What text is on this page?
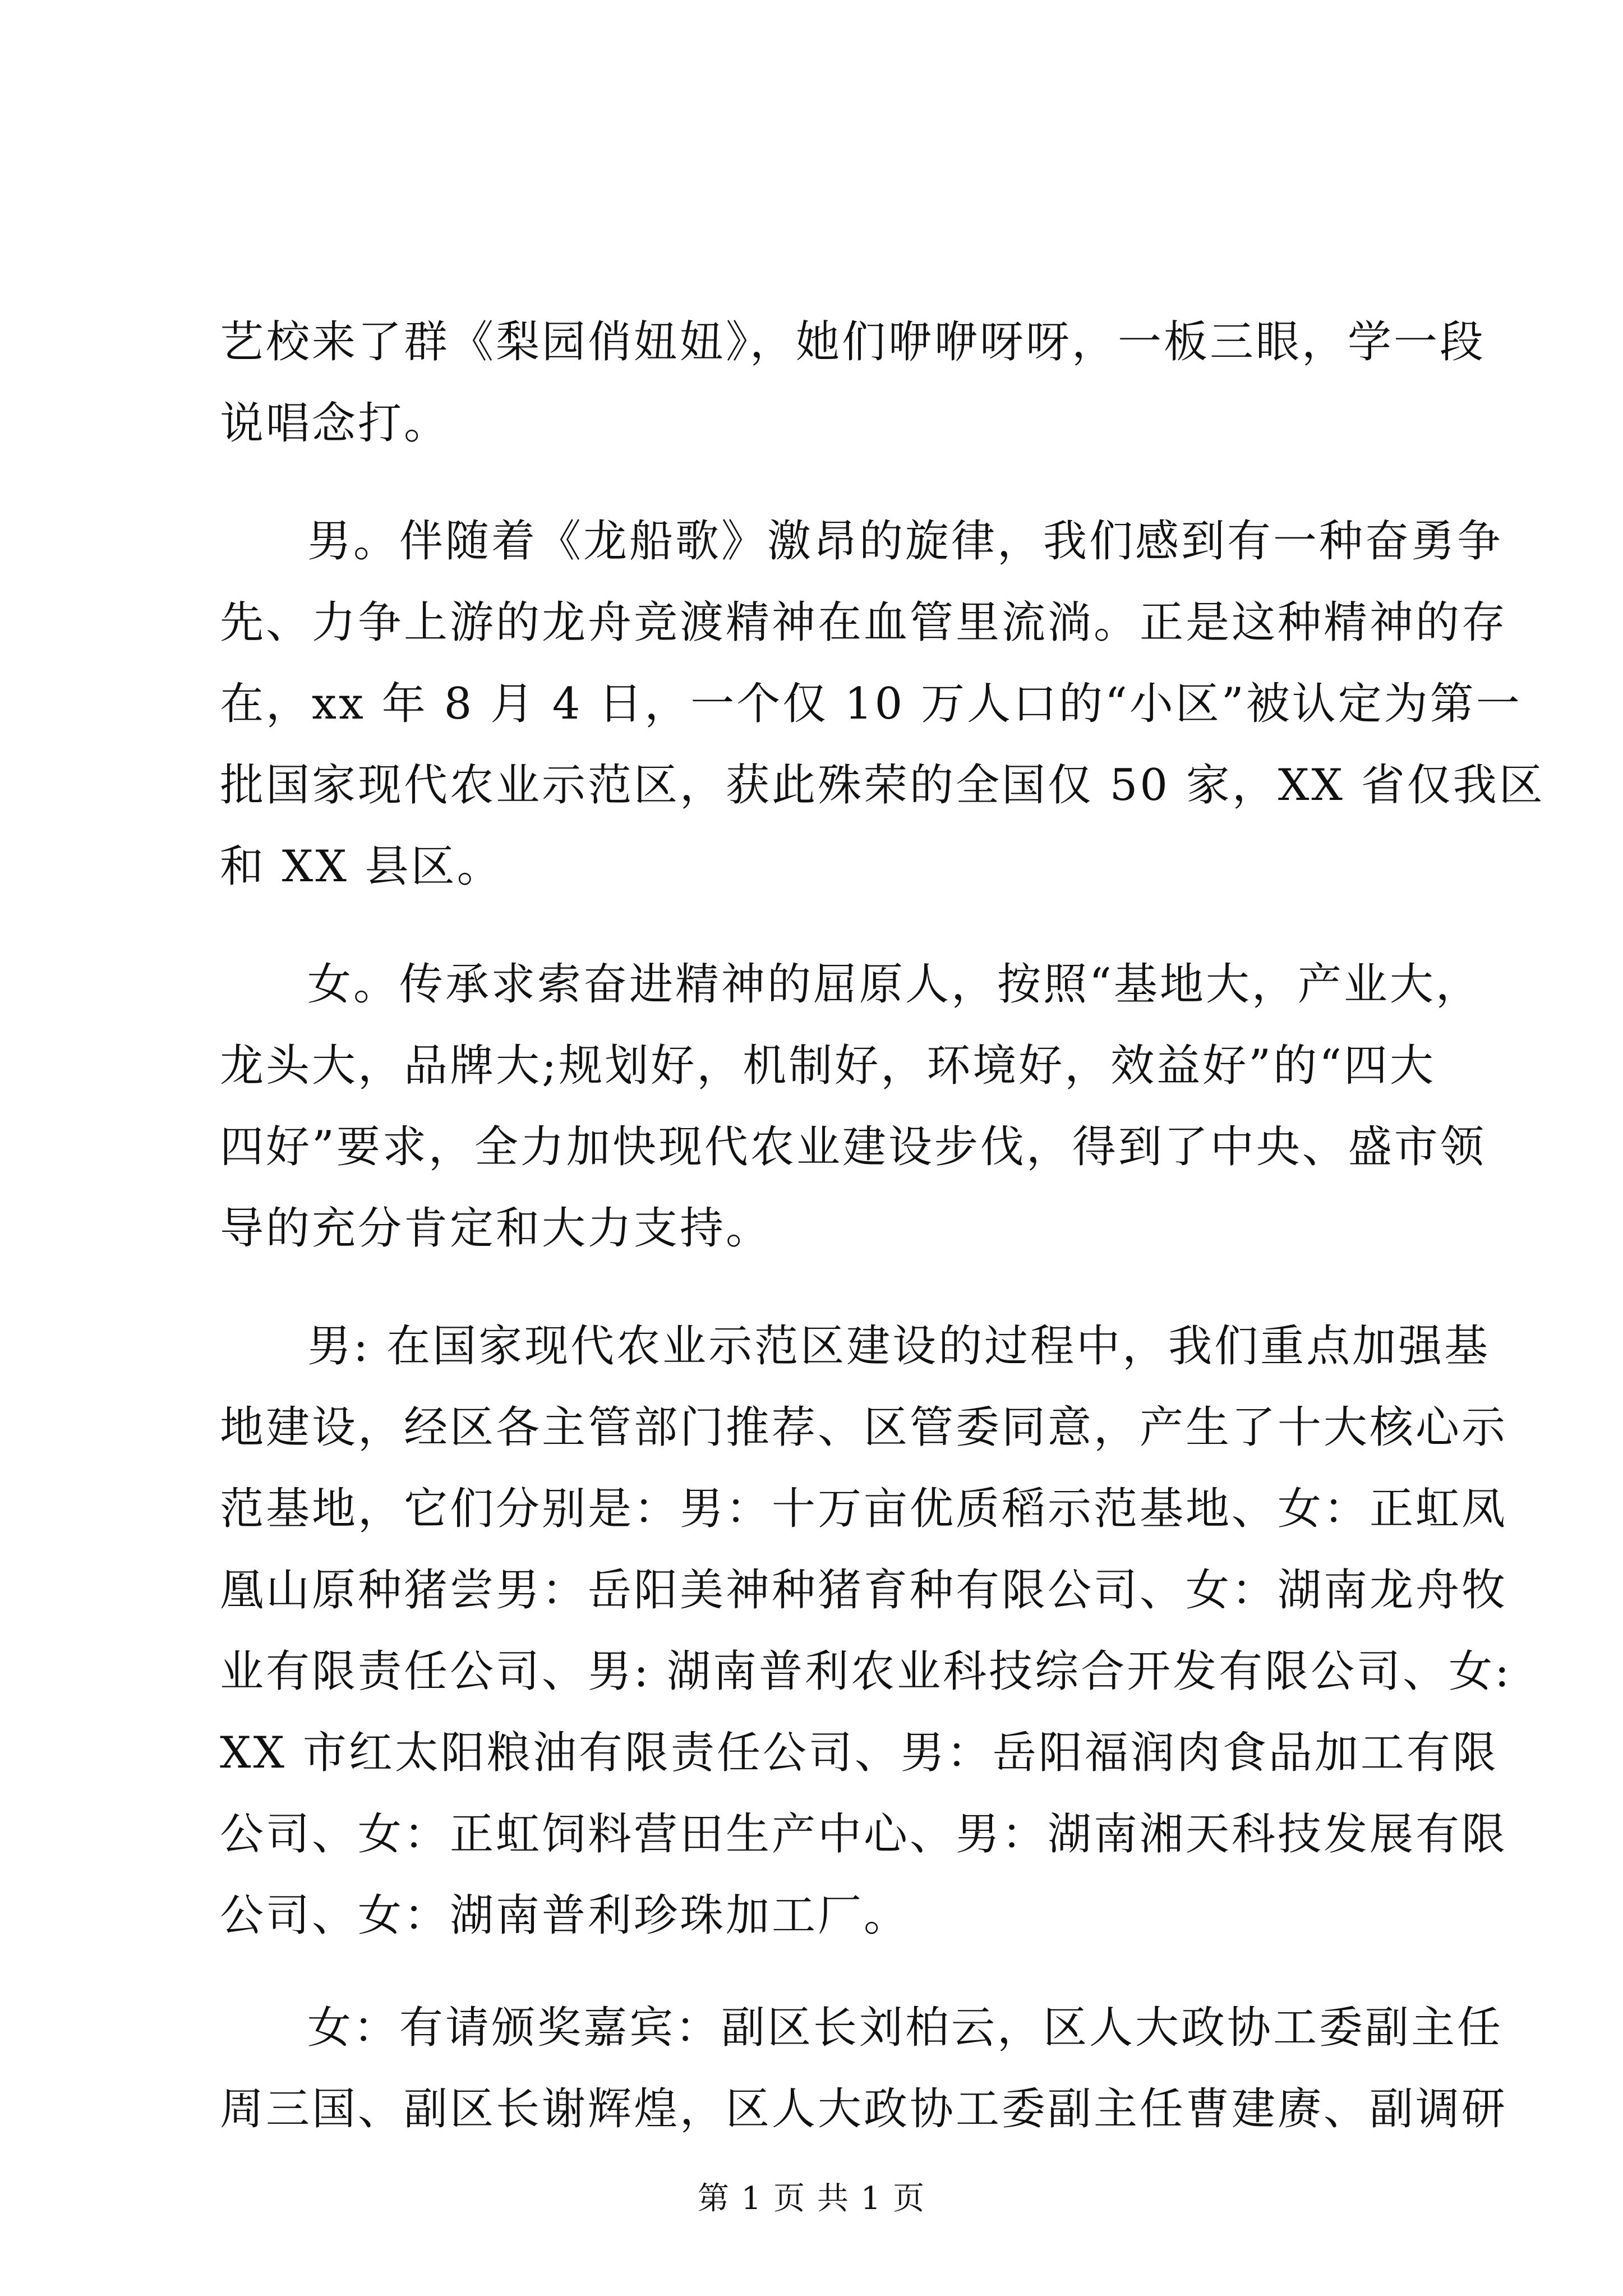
艺校来了群《梨园俏妞妞》，她们咿咿呀呀，一板三眼，学一段
说唱念打。
男。伴随着《龙船歌》激昂的旋律，我们感到有一种奋勇争
先、力争上游的龙舟竞渡精神在血管里流淌。正是这种精神的存
在，xx 年 8 月 4 日，一个仅 10 万人口的“小区”被认定为第一
批国家现代农业示范区，获此殊荣的全国仅 50 家，XX 省仅我区
和 XX 县区。
女。传承求索奋进精神的屈原人，按照“基地大，产业大，
龙头大，品牌大;规划好，机制好，环境好，效益好”的“四大
四好”要求，全力加快现代农业建设步伐，得到了中央、盛市领
导的充分肯定和大力支持。
男: 在国家现代农业示范区建设的过程中，我们重点加强基
地建设，经区各主管部门推荐、区管委同意，产生了十大核心示
范基地，它们分别是：男：十万亩优质稻示范基地、女：正虹凤
凰山原种猪尝男：岳阳美神种猪育种有限公司、女：湖南龙舟牧
业有限责任公司、男: 湖南普利农业科技综合开发有限公司、女:
XX 市红太阳粮油有限责任公司、男：岳阳福润肉食品加工有限
公司、女：正虹饲料营田生产中心、男：湖南湘天科技发展有限
公司、女：湖南普利珍珠加工厂。
女：有请颁奖嘉宾：副区长刘柏云，区人大政协工委副主任
周三国、副区长谢辉煌，区人大政协工委副主任曹建赓、副调研
第 1 页 共 1 页
